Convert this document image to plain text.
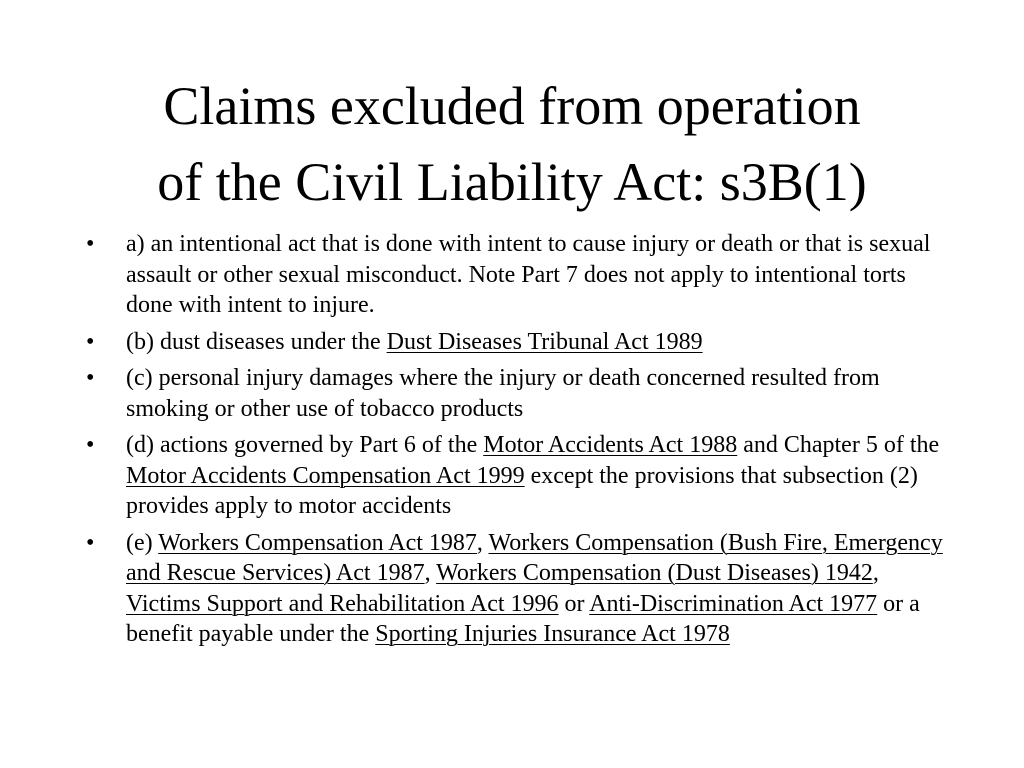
Claims excluded from operation
of the Civil Liability Act: s3B(1)
•	a) an intentional act that is done with intent to cause injury or death or that is sexual assault or other sexual misconduct. Note Part 7 does not apply to intentional torts done with intent to injure.
•	(b) dust diseases under the Dust Diseases Tribunal Act 1989
•	(c) personal injury damages where the injury or death concerned resulted from smoking or other use of tobacco products
•	(d) actions governed by Part 6 of the Motor Accidents Act 1988 and Chapter 5 of the Motor Accidents Compensation Act 1999 except the provisions that subsection (2) provides apply to motor accidents
•	(e) Workers Compensation Act 1987, Workers Compensation (Bush Fire, Emergency and Rescue Services) Act 1987, Workers Compensation (Dust Diseases) 1942, Victims Support and Rehabilitation Act 1996 or Anti-Discrimination Act 1977 or a benefit payable under the Sporting Injuries Insurance Act 1978
